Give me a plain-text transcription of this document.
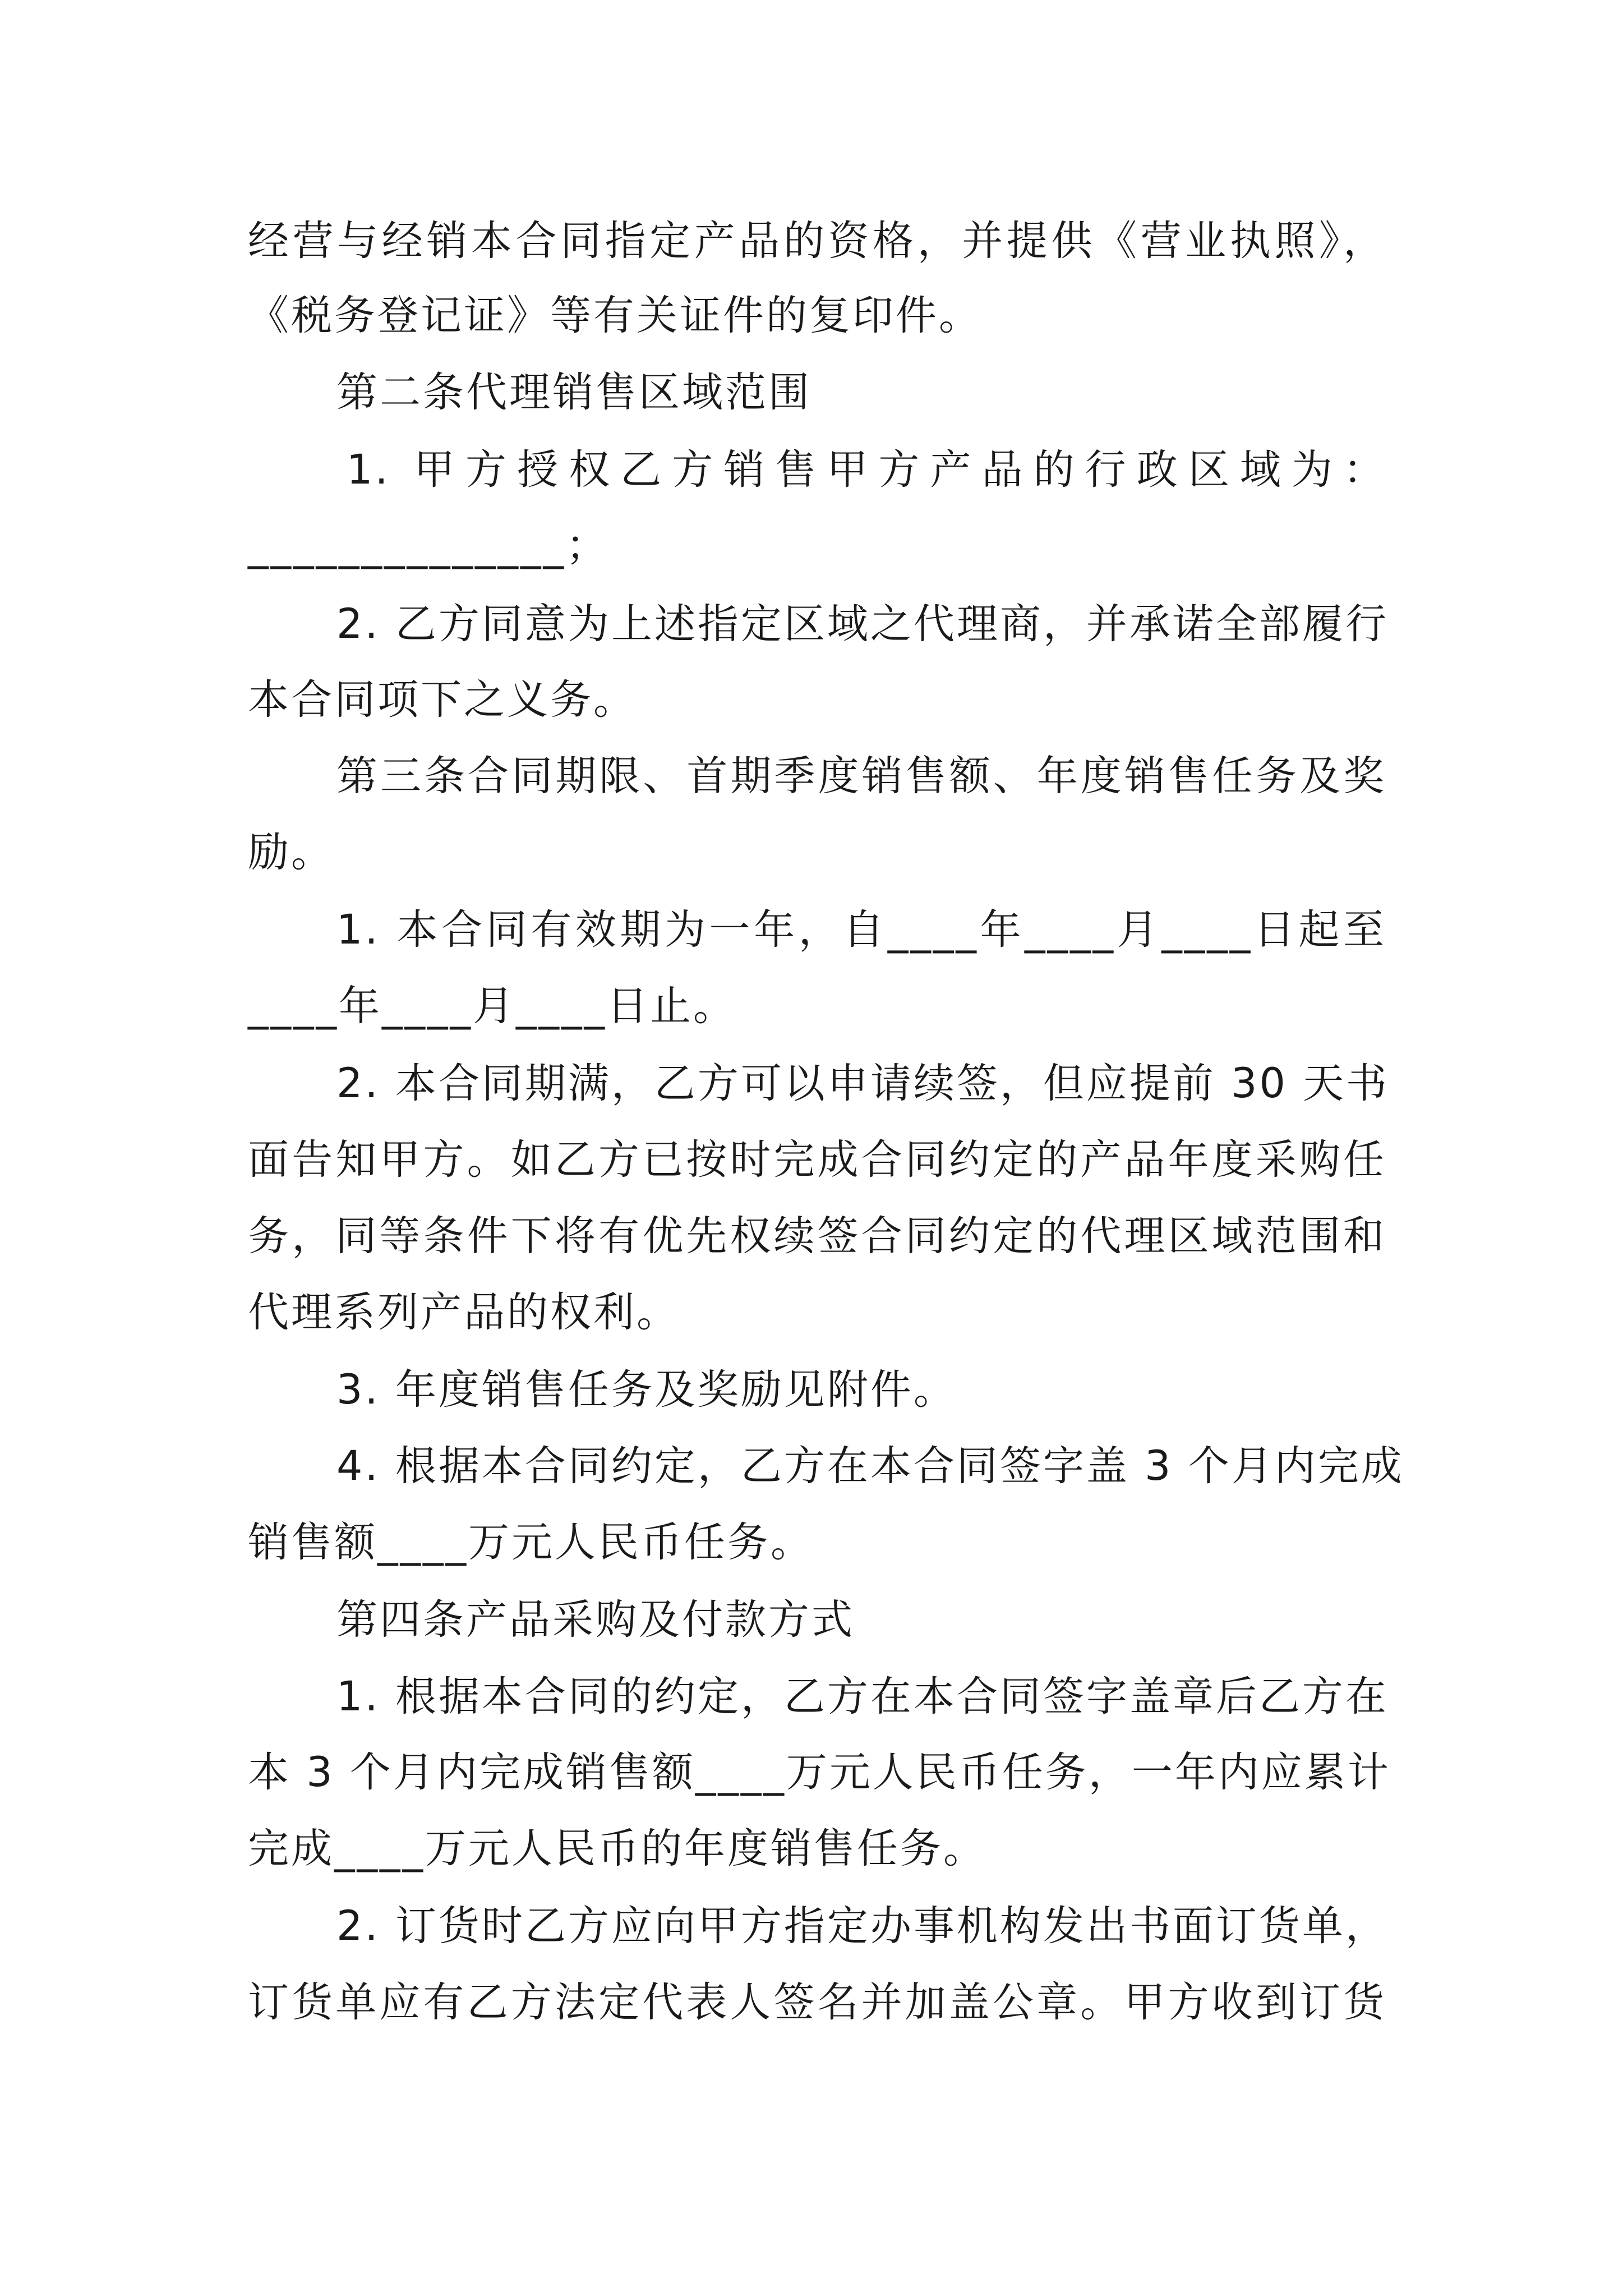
经营与经销本合同指定产品的资格，并提供《营业执照》，
《税务登记证》等有关证件的复印件。
第二条代理销售区域范围
1. 甲方授权乙方销售甲方产品的行政区域为：
______________；
2. 乙方同意为上述指定区域之代理商，并承诺全部履行
本合同项下之义务。
第三条合同期限、首期季度销售额、年度销售任务及奖
励。
1. 本合同有效期为一年，自____年____月____日起至
____年____月____日止。
2. 本合同期满，乙方可以申请续签，但应提前 30 天书
面告知甲方。如乙方已按时完成合同约定的产品年度采购任
务，同等条件下将有优先权续签合同约定的代理区域范围和
代理系列产品的权利。
3. 年度销售任务及奖励见附件。
4. 根据本合同约定，乙方在本合同签字盖 3 个月内完成
销售额____万元人民币任务。
第四条产品采购及付款方式
1. 根据本合同的约定，乙方在本合同签字盖章后乙方在
本 3 个月内完成销售额____万元人民币任务，一年内应累计
完成____万元人民币的年度销售任务。
2. 订货时乙方应向甲方指定办事机构发出书面订货单，
订货单应有乙方法定代表人签名并加盖公章。甲方收到订货
